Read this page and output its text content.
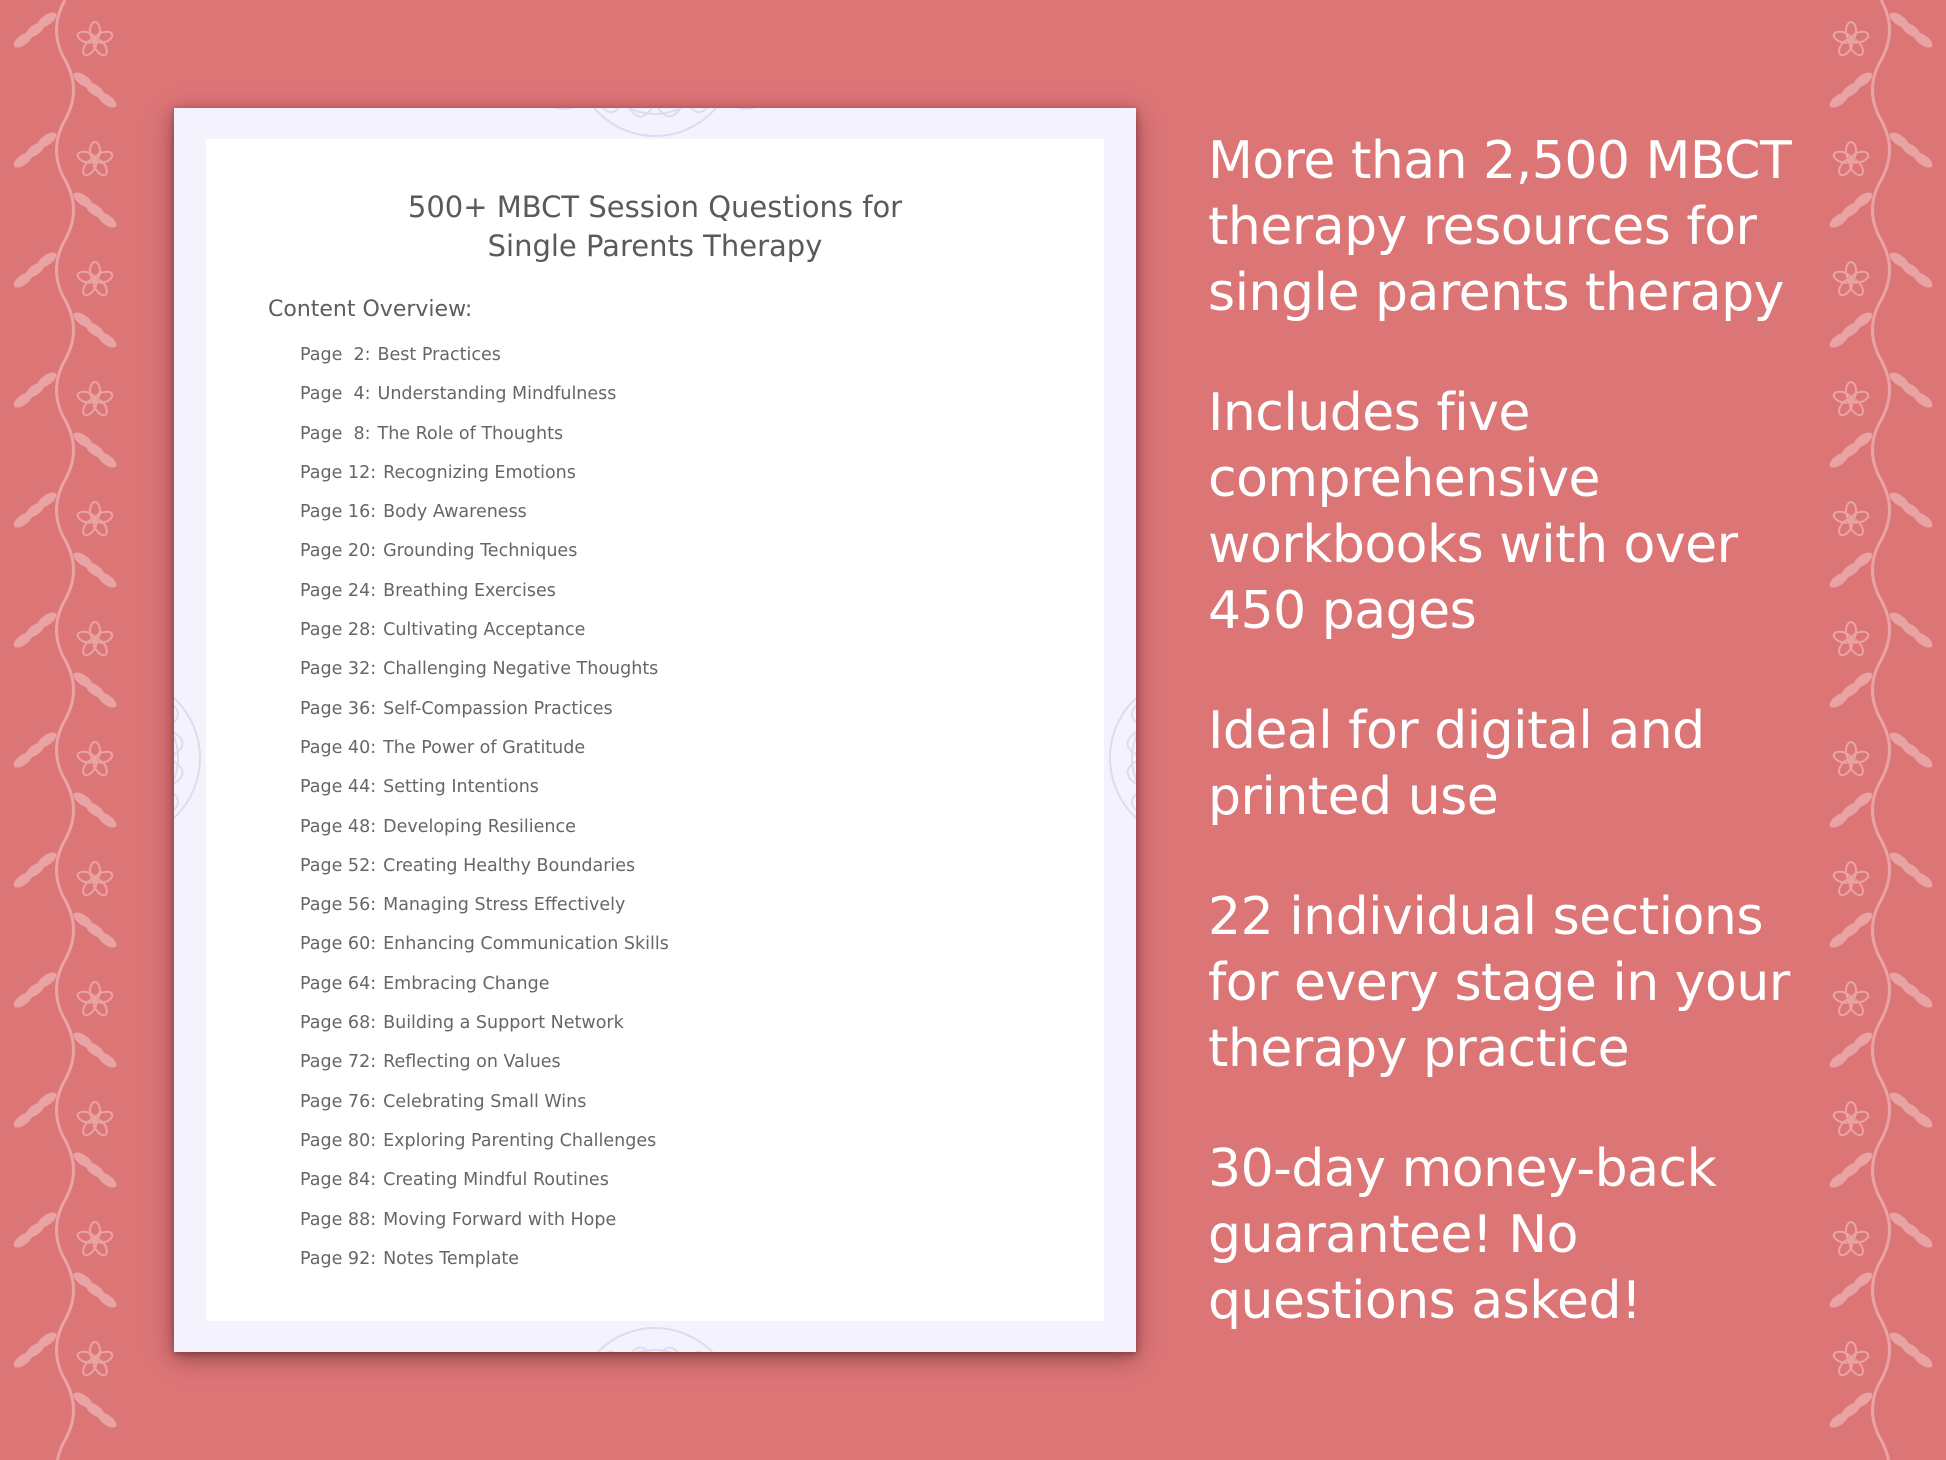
500+ MBCT Session Questions for
Single Parents Therapy
Content Overview:
Page  2: Best Practices
Page  4: Understanding Mindfulness
Page  8: The Role of Thoughts
Page 12: Recognizing Emotions
Page 16: Body Awareness
Page 20: Grounding Techniques
Page 24: Breathing Exercises
Page 28: Cultivating Acceptance
Page 32: Challenging Negative Thoughts
Page 36: Self-Compassion Practices
Page 40: The Power of Gratitude
Page 44: Setting Intentions
Page 48: Developing Resilience
Page 52: Creating Healthy Boundaries
Page 56: Managing Stress Effectively
Page 60: Enhancing Communication Skills
Page 64: Embracing Change
Page 68: Building a Support Network
Page 72: Reflecting on Values
Page 76: Celebrating Small Wins
Page 80: Exploring Parenting Challenges
Page 84: Creating Mindful Routines
Page 88: Moving Forward with Hope
Page 92: Notes Template

More than 2,500 MBCT therapy resources for single parents therapy

Includes five comprehensive workbooks with over 450 pages

Ideal for digital and printed use

22 individual sections for every stage in your therapy practice

30-day money-back guarantee! No questions asked!
